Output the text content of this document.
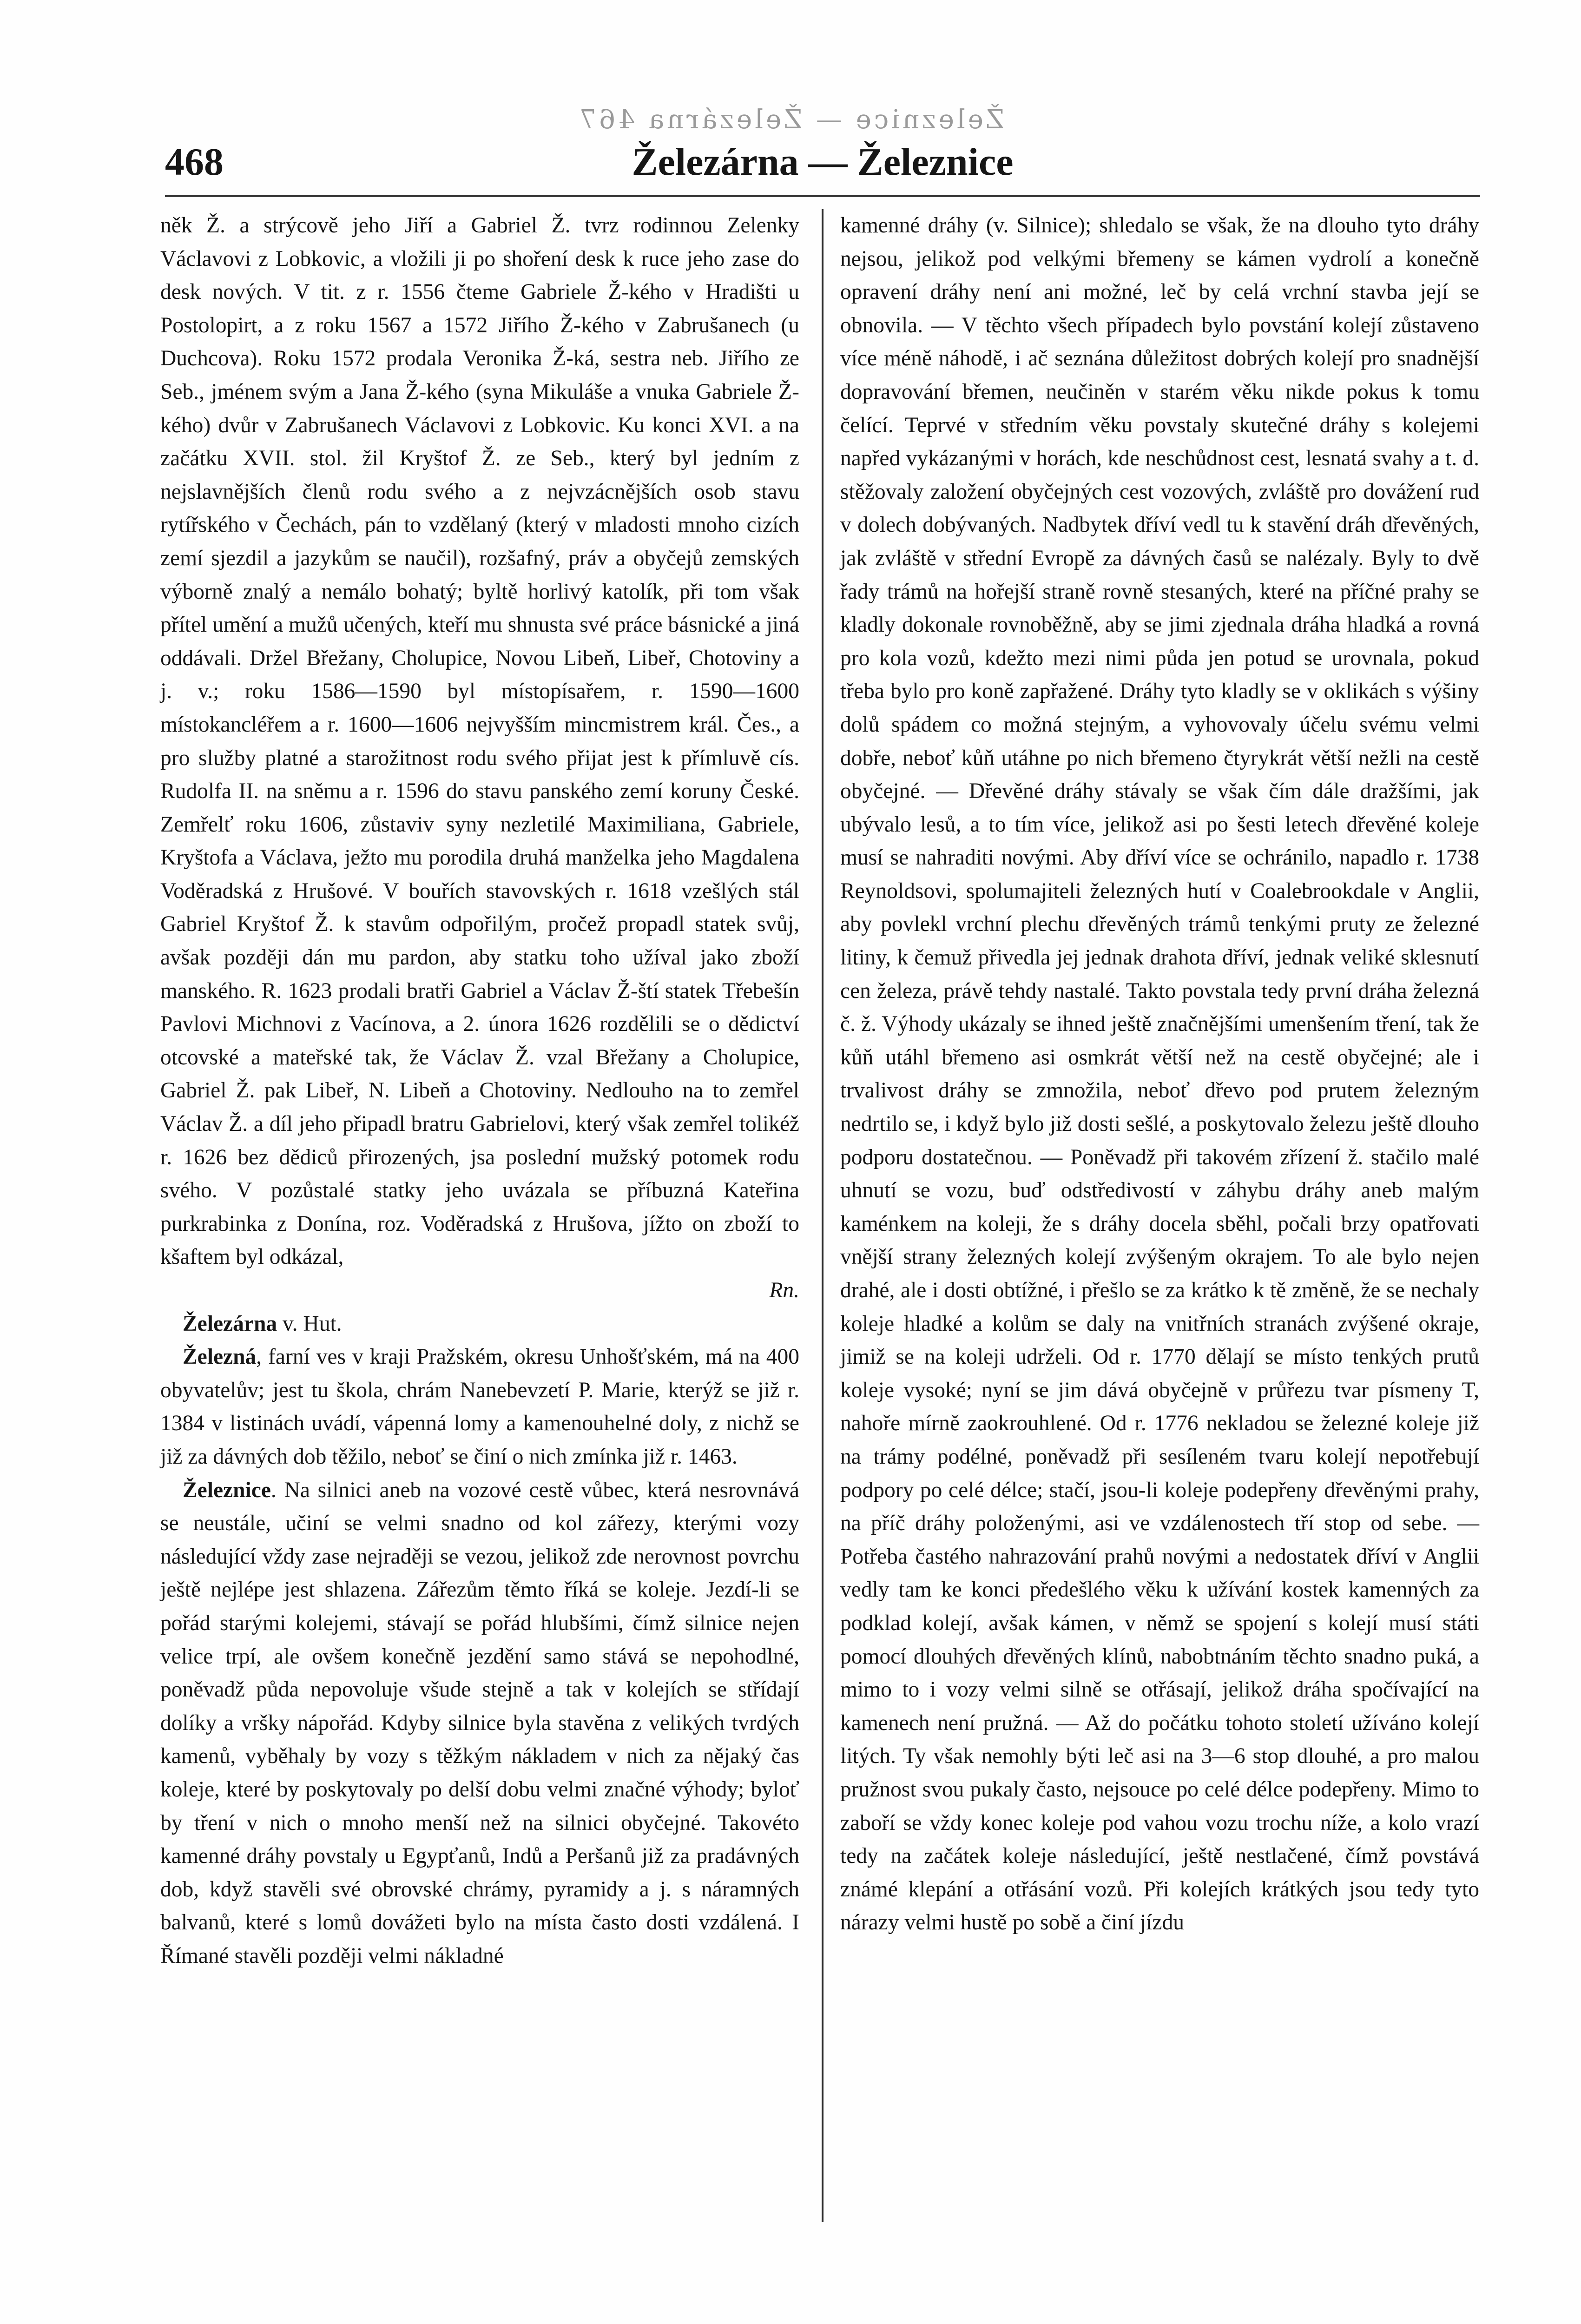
Železnice — Železárna 467
468	Železárna — Železnice

něk Ž. a strýcově jeho Jiří a Gabriel Ž. tvrz rodinnou Zelenky Václavovi z Lobkovic, a vložili ji po shoření desk k ruce jeho zase do desk nových. V tit. z r. 1556 čteme Gabriele Ž-kého v Hradišti u Postolopirt, a z roku 1567 a 1572 Jiřího Ž-kého v Zabrušanech (u Duchcova). Roku 1572 prodala Veronika Ž-ká, sestra neb. Jiřího ze Seb., jménem svým a Jana Ž-kého (syna Mikuláše a vnuka Gabriele Ž-kého) dvůr v Zabrušanech Václavovi z Lobkovic. Ku konci XVI. a na začátku XVII. stol. žil Kryštof Ž. ze Seb., který byl jedním z nejslavnějších členů rodu svého a z nejvzácnějších osob stavu rytířského v Čechách, pán to vzdělaný (který v mladosti mnoho cizích zemí sjezdil a jazykům se naučil), rozšafný, práv a obyčejů zemských výborně znalý a nemálo bohatý; byltě horlivý katolík, při tom však přítel umění a mužů učených, kteří mu shnusta své práce básnické a jiná oddávali. Držel Břežany, Cholupice, Novou Libeň, Libeř, Chotoviny a j. v.; roku 1586—1590 byl místopísařem, r. 1590—1600 místokancléřem a r. 1600—1606 nejvyšším mincmistrem král. Čes., a pro služby platné a starožitnost rodu svého přijat jest k přímluvě cís. Rudolfa II. na sněmu a r. 1596 do stavu panského zemí koruny České. Zemřelť roku 1606, zůstaviv syny nezletilé Maximiliana, Gabriele, Kryštofa a Václava, ježto mu porodila druhá manželka jeho Magdalena Voděradská z Hrušové. V bouřích stavovských r. 1618 vzešlých stál Gabriel Kryštof Ž. k stavům odpořilým, pročež propadl statek svůj, avšak později dán mu pardon, aby statku toho užíval jako zboží manského. R. 1623 prodali bratři Gabriel a Václav Ž-ští statek Třebešín Pavlovi Michnovi z Vacínova, a 2. února 1626 rozdělili se o dědictví otcovské a mateřské tak, že Václav Ž. vzal Břežany a Cholupice, Gabriel Ž. pak Libeř, N. Libeň a Chotoviny. Nedlouho na to zemřel Václav Ž. a díl jeho připadl bratru Gabrielovi, který však zemřel tolikéž r. 1626 bez dědiců přirozených, jsa poslední mužský potomek rodu svého. V pozůstalé statky jeho uvázala se příbuzná Kateřina purkrabinka z Donína, roz. Voděradská z Hrušova, jížto on zboží to kšaftem byl odkázal,

Rn.

Železárna v. Hut.

Železná, farní ves v kraji Pražském, okresu Unhošťském, má na 400 obyvatelův; jest tu škola, chrám Nanebevzetí P. Marie, kterýž se již r. 1384 v listinách uvádí, vápenná lomy a kamenouhelné doly, z nichž se již za dávných dob těžilo, neboť se činí o nich zmínka již r. 1463.

Železnice. Na silnici aneb na vozové cestě vůbec, která nesrovnává se neustále, učiní se velmi snadno od kol zářezy, kterými vozy následující vždy zase nejraději se vezou, jelikož zde nerovnost povrchu ještě nejlépe jest shlazena. Zářezům těmto říká se koleje. Jezdí-li se pořád starými kolejemi, stávají se pořád hlubšími, čímž silnice nejen velice trpí, ale ovšem konečně jezdění samo stává se nepohodlné, poněvadž půda nepovoluje všude stejně a tak v kolejích se střídají dolíky a vršky nápořád. Kdyby silnice byla stavěna z velikých tvrdých kamenů, vyběhaly by vozy s těžkým nákladem v nich za nějaký čas koleje, které by poskytovaly po delší dobu velmi značné výhody; byloť by tření v nich o mnoho menší než na silnici obyčejné. Takovéto kamenné dráhy povstaly u Egypťanů, Indů a Peršanů již za pradávných dob, když stavěli své obrovské chrámy, pyramidy a j. s náramných balvanů, které s lomů dovážeti bylo na místa často dosti vzdálená. I Římané stavěli později velmi nákladné

kamenné dráhy (v. Silnice); shledalo se však, že na dlouho tyto dráhy nejsou, jelikož pod velkými břemeny se kámen vydrolí a konečně opravení dráhy není ani možné, leč by celá vrchní stavba její se obnovila. — V těchto všech případech bylo povstání kolejí zůstaveno více méně náhodě, i ač seznána důležitost dobrých kolejí pro snadnější dopravování břemen, neučiněn v starém věku nikde pokus k tomu čelící. Teprvé v středním věku povstaly skutečné dráhy s kolejemi napřed vykázanými v horách, kde neschůdnost cest, lesnatá svahy a t. d. stěžovaly založení obyčejných cest vozových, zvláště pro dovážení rud v dolech dobývaných. Nadbytek dříví vedl tu k stavění dráh dřevěných, jak zvláště v střední Evropě za dávných časů se nalézaly. Byly to dvě řady trámů na hořejší straně rovně stesaných, které na příčné prahy se kladly dokonale rovnoběžně, aby se jimi zjednala dráha hladká a rovná pro kola vozů, kdežto mezi nimi půda jen potud se urovnala, pokud třeba bylo pro koně zapřažené. Dráhy tyto kladly se v oklikách s výšiny dolů spádem co možná stejným, a vyhovovaly účelu svému velmi dobře, neboť kůň utáhne po nich břemeno čtyrykrát větší nežli na cestě obyčejné. — Dřevěné dráhy stávaly se však čím dále dražšími, jak ubývalo lesů, a to tím více, jelikož asi po šesti letech dřevěné koleje musí se nahraditi novými. Aby dříví více se ochránilo, napadlo r. 1738 Reynoldsovi, spolumajiteli železných hutí v Coalebrookdale v Anglii, aby povlekl vrchní plechu dřevěných trámů tenkými pruty ze železné litiny, k čemuž přivedla jej jednak drahota dříví, jednak veliké sklesnutí cen železa, právě tehdy nastalé. Takto povstala tedy první dráha železná č. ž. Výhody ukázaly se ihned ještě značnějšími umenšením tření, tak že kůň utáhl břemeno asi osmkrát větší než na cestě obyčejné; ale i trvalivost dráhy se zmnožila, neboť dřevo pod prutem železným nedrtilo se, i když bylo již dosti sešlé, a poskytovalo železu ještě dlouho podporu dostatečnou. — Poněvadž při takovém zřízení ž. stačilo malé uhnutí se vozu, buď odstředivostí v záhybu dráhy aneb malým kaménkem na koleji, že s dráhy docela sběhl, počali brzy opatřovati vnější strany železných kolejí zvýšeným okrajem. To ale bylo nejen drahé, ale i dosti obtížné, i přešlo se za krátko k tě změně, že se nechaly koleje hladké a kolům se daly na vnitřních stranách zvýšené okraje, jimiž se na koleji udrželi. Od r. 1770 dělají se místo tenkých prutů koleje vysoké; nyní se jim dává obyčejně v průřezu tvar písmeny T, nahoře mírně zaokrouhlené. Od r. 1776 nekladou se železné koleje již na trámy podélné, poněvadž při sesíleném tvaru kolejí nepotřebují podpory po celé délce; stačí, jsou-li koleje podepřeny dřevěnými prahy, na příč dráhy položenými, asi ve vzdálenostech tří stop od sebe. — Potřeba častého nahrazování prahů novými a nedostatek dříví v Anglii vedly tam ke konci předešlého věku k užívání kostek kamenných za podklad kolejí, avšak kámen, v němž se spojení s kolejí musí státi pomocí dlouhých dřevěných klínů, nabobtnáním těchto snadno puká, a mimo to i vozy velmi silně se otřásají, jelikož dráha spočívající na kamenech není pružná. — Až do počátku tohoto století užíváno kolejí litých. Ty však nemohly býti leč asi na 3—6 stop dlouhé, a pro malou pružnost svou pukaly často, nejsouce po celé délce podepřeny. Mimo to zaboří se vždy konec koleje pod vahou vozu trochu níže, a kolo vrazí tedy na začátek koleje následující, ještě nestlačené, čímž povstává známé klepání a otřásání vozů. Při kolejích krátkých jsou tedy tyto nárazy velmi hustě po sobě a činí jízdu
